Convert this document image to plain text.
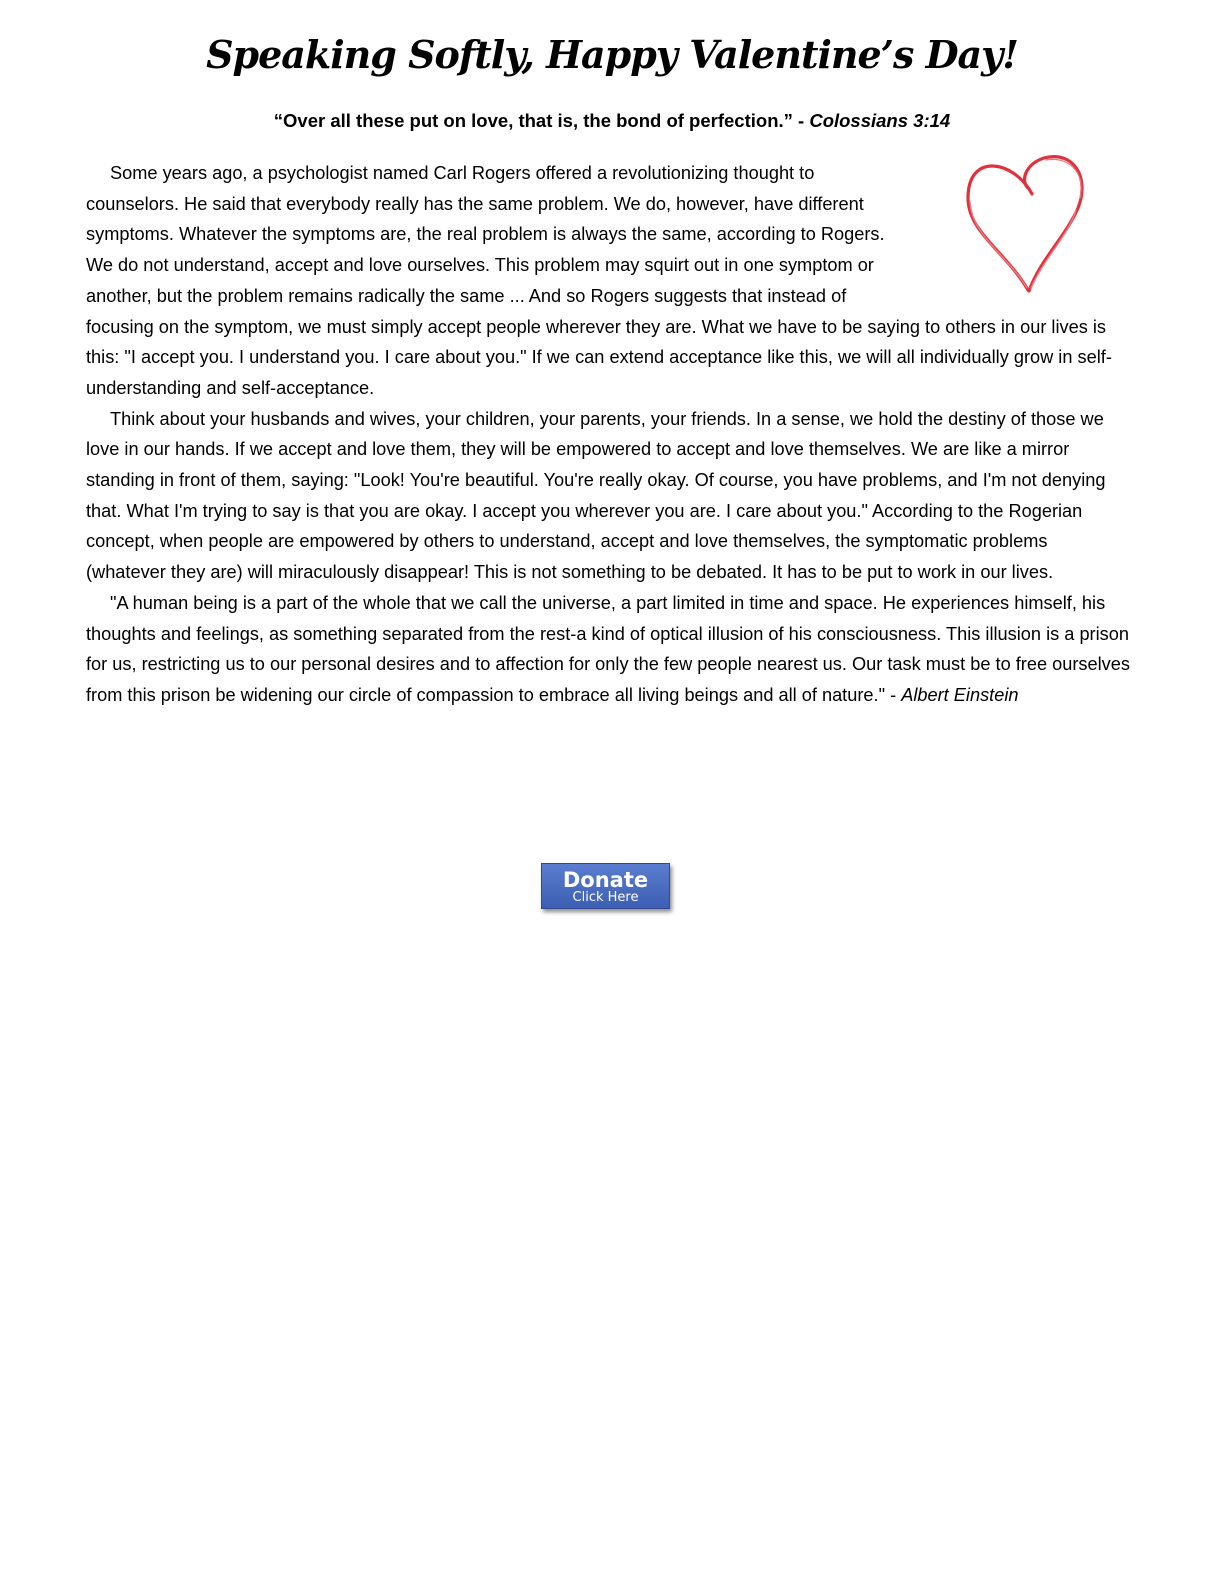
Speaking Softly, Happy Valentine’s Day!

“Over all these put on love, that is, the bond of perfection.” - Colossians 3:14

Some years ago, a psychologist named Carl Rogers offered a revolutionizing thought to counselors. He said that everybody really has the same problem. We do, however, have different symptoms. Whatever the symptoms are, the real problem is always the same, according to Rogers. We do not understand, accept and love ourselves. This problem may squirt out in one symptom or another, but the problem remains radically the same ... And so Rogers suggests that instead of focusing on the symptom, we must simply accept people wherever they are. What we have to be saying to others in our lives is this: "I accept you. I understand you. I care about you." If we can extend acceptance like this, we will all individually grow in self-understanding and self-acceptance.

Think about your husbands and wives, your children, your parents, your friends. In a sense, we hold the destiny of those we love in our hands. If we accept and love them, they will be empowered to accept and love themselves. We are like a mirror standing in front of them, saying: "Look! You're beautiful. You're really okay. Of course, you have problems, and I'm not denying that. What I'm trying to say is that you are okay. I accept you wherever you are. I care about you." According to the Rogerian concept, when people are empowered by others to understand, accept and love themselves, the symptomatic problems (whatever they are) will miraculously disappear! This is not something to be debated. It has to be put to work in our lives.

"A human being is a part of the whole that we call the universe, a part limited in time and space. He experiences himself, his thoughts and feelings, as something separated from the rest-a kind of optical illusion of his consciousness. This illusion is a prison for us, restricting us to our personal desires and to affection for only the few people nearest us. Our task must be to free ourselves from this prison be widening our circle of compassion to embrace all living beings and all of nature." - Albert Einstein

Donate
Click Here
